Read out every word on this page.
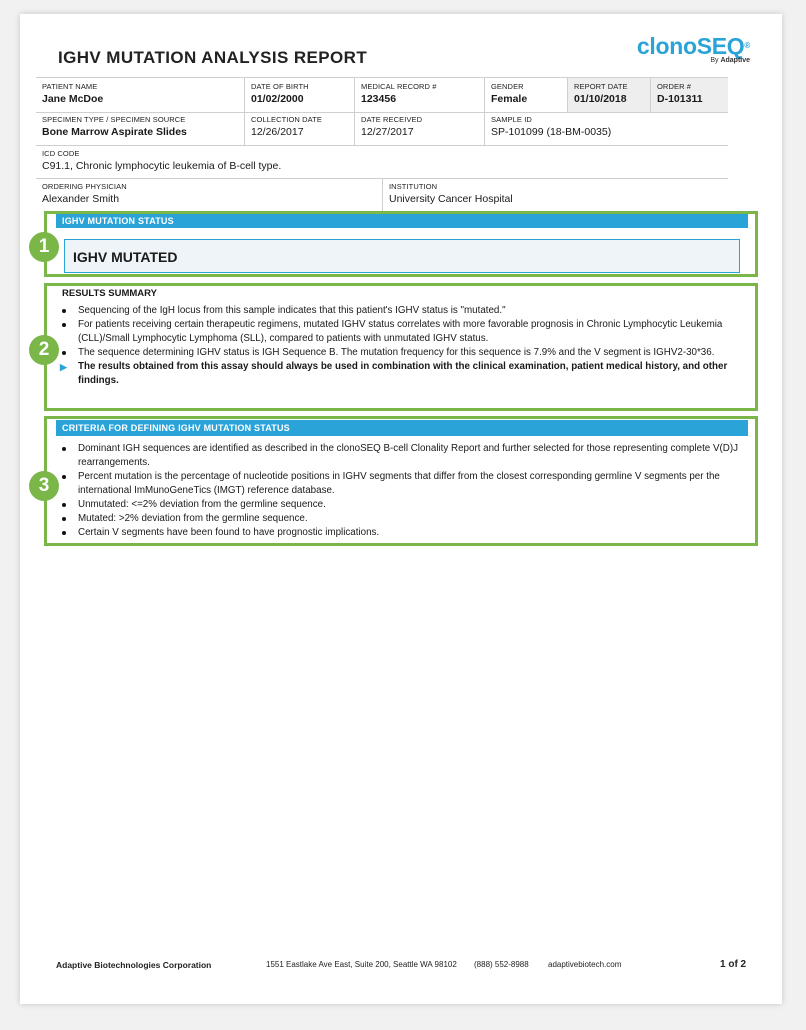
IGHV MUTATION ANALYSIS REPORT	clonoSEQ®
By Adaptive
PATIENT NAME
Jane McDoe
DATE OF BIRTH
01/02/2000
MEDICAL RECORD #
123456
GENDER
Female
REPORT DATE
01/10/2018
ORDER #
D-101311
SPECIMEN TYPE / SPECIMEN SOURCE
Bone Marrow Aspirate Slides
COLLECTION DATE
12/26/2017
DATE RECEIVED
12/27/2017
SAMPLE ID
SP-101099 (18-BM-0035)
ICD CODE
C91.1, Chronic lymphocytic leukemia of B-cell type.
ORDERING PHYSICIAN
Alexander Smith
INSTITUTION
University Cancer Hospital
IGHV MUTATION STATUS
IGHV MUTATED
1
RESULTS SUMMARY
Sequencing of the IgH locus from this sample indicates that this patient's IGHV status is "mutated."
For patients receiving certain therapeutic regimens, mutated IGHV status correlates with more favorable prognosis in Chronic Lymphocytic Leukemia (CLL)/Small Lymphocytic Lymphoma (SLL), compared to patients with unmutated IGHV status.
The sequence determining IGHV status is IGH Sequence B. The mutation frequency for this sequence is 7.9% and the V segment is IGHV2-30*36.
▶ The results obtained from this assay should always be used in combination with the clinical examination, patient medical history, and other findings.
2
CRITERIA FOR DEFINING IGHV MUTATION STATUS
Dominant IGH sequences are identified as described in the clonoSEQ B-cell Clonality Report and further selected for those representing complete V(D)J rearrangements.
Percent mutation is the percentage of nucleotide positions in IGHV segments that differ from the closest corresponding germline V segments per the international ImMunoGeneTics (IMGT) reference database.
Unmutated: <=2% deviation from the germline sequence.
Mutated: >2% deviation from the germline sequence.
Certain V segments have been found to have prognostic implications.
3
Adaptive Biotechnologies Corporation	1551 Eastlake Ave East, Suite 200, Seattle WA 98102 (888) 552-8988 adaptivebiotech.com	1 of 2
